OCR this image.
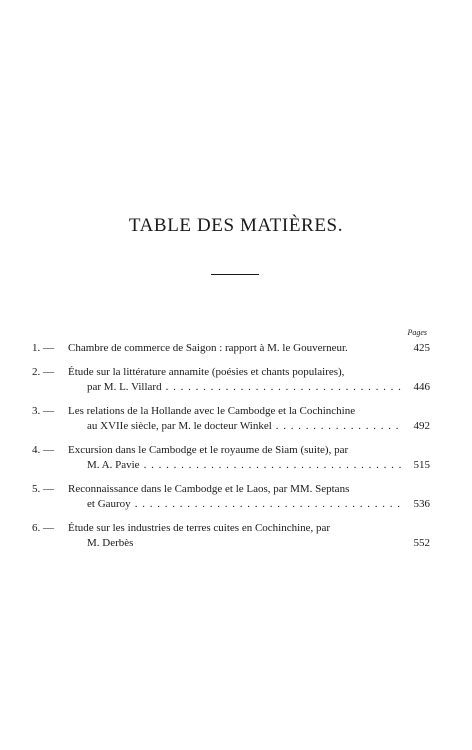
TABLE DES MATIÈRES.
Pages
1. —	Chambre de commerce de Saigon : rapport à M. le Gouverneur.	425
2. —	Étude sur la littérature annamite (poésies et chants populaires),
par M. L. Villard . . .	446
3. —	Les relations de la Hollande avec le Cambodge et la Cochinchine
au XVIIe siècle, par M. le docteur Winkel . . .	492
4. —	Excursion dans le Cambodge et le royaume de Siam (suite), par
M. A. Pavie . . .	515
5. —	Reconnaissance dans le Cambodge et le Laos, par MM. Septans
et Gauroy . . .	536
6. —	Étude sur les industries de terres cuites en Cochinchine, par
M. Derbès	552
